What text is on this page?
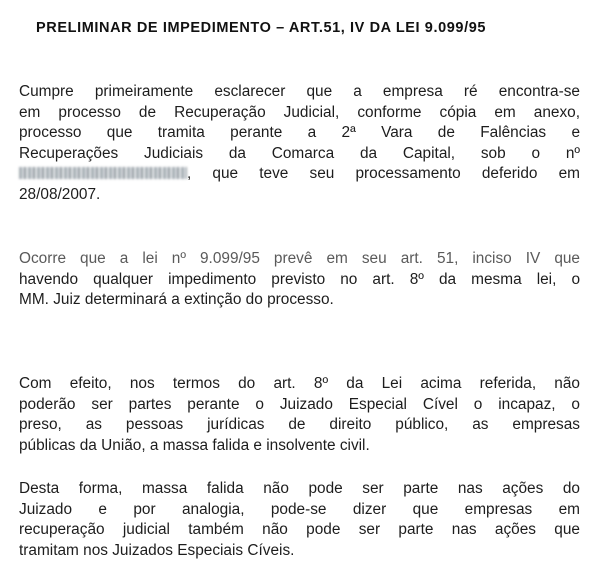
PRELIMINAR DE IMPEDIMENTO – ART.51, IV DA LEI 9.099/95
Cumpre primeiramente esclarecer que a empresa ré encontra-se
em processo de Recuperação Judicial, conforme cópia em anexo,
processo que tramita perante a 2ª Vara de Falências e
Recuperações Judiciais da Comarca da Capital, sob o nº
, que teve seu processamento deferido em
28/08/2007.
Ocorre que a lei nº 9.099/95 prevê em seu art. 51, inciso IV que
havendo qualquer impedimento previsto no art. 8º da mesma lei, o
MM. Juiz determinará a extinção do processo.
Com efeito, nos termos do art. 8º da Lei acima referida, não
poderão ser partes perante o Juizado Especial Cível o incapaz, o
preso, as pessoas jurídicas de direito público, as empresas
públicas da União, a massa falida e insolvente civil.
Desta forma, massa falida não pode ser parte nas ações do
Juizado e por analogia, pode-se dizer que empresas em
recuperação judicial também não pode ser parte nas ações que
tramitam nos Juizados Especiais Cíveis.
